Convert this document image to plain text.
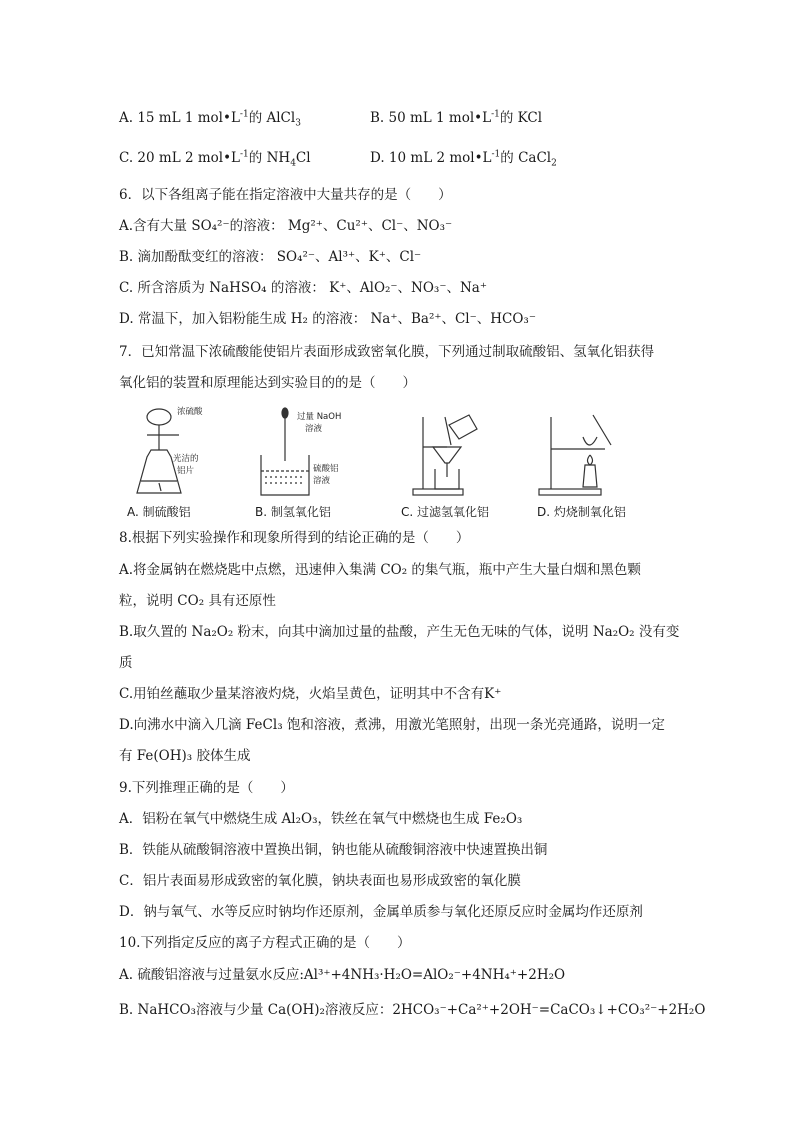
A. 15 mL 1 $mol•L^{-1}$的 AlCl$_3$	B. 50 mL 1 $mol•L^{-1}$的 KCl
C. 20 mL 2 $mol•L^{-1}$的 $NH_4Cl$	D. 10 mL 2 $mol•L^{-1}$的 CaCl$_2$
6．以下各组离子能在指定溶液中大量共存的是（　　）
A.含有大量 SO₄²⁻的溶液： Mg²⁺、Cu²⁺、Cl⁻、NO₃⁻
B. 滴加酚酞变红的溶液： SO₄²⁻、Al³⁺、K⁺、Cl⁻
C. 所含溶质为 NaHSO₄ 的溶液： K⁺、AlO₂⁻、NO₃⁻、Na⁺
D. 常温下，加入铝粉能生成 H₂ 的溶液： Na⁺、Ba²⁺、Cl⁻、HCO₃⁻
7．已知常温下浓硫酸能使铝片表面形成致密氧化膜，下列通过制取硫酸铝、氢氧化铝获得
氧化铝的装置和原理能达到实验目的的是（　　）
浓硫酸
光洁的
铝片
过量 NaOH
溶液
硫酸铝
溶液
A. 制硫酸铝	B. 制氢氧化铝	C. 过滤氢氧化铝	D. 灼烧制氧化铝
8.根据下列实验操作和现象所得到的结论正确的是（　　）
A.将金属钠在燃烧匙中点燃，迅速伸入集满 CO₂ 的集气瓶，瓶中产生大量白烟和黑色颗
粒，说明 CO₂ 具有还原性
B.取久置的 Na₂O₂ 粉末，向其中滴加过量的盐酸，产生无色无味的气体，说明 Na₂O₂ 没有变
质
C.用铂丝蘸取少量某溶液灼烧，火焰呈黄色，证明其中不含有K⁺
D.向沸水中滴入几滴 FeCl₃ 饱和溶液，煮沸，用激光笔照射，出现一条光亮通路，说明一定
有 Fe(OH)₃ 胶体生成
9.下列推理正确的是（　　）
A．铝粉在氧气中燃烧生成 Al₂O₃，铁丝在氧气中燃烧也生成 Fe₂O₃
B．铁能从硫酸铜溶液中置换出铜，钠也能从硫酸铜溶液中快速置换出铜
C．铝片表面易形成致密的氧化膜，钠块表面也易形成致密的氧化膜
D．钠与氧气、水等反应时钠均作还原剂，金属单质参与氧化还原反应时金属均作还原剂
10.下列指定反应的离子方程式正确的是（　　）
A. 硫酸铝溶液与过量氨水反应:Al³⁺+4NH₃·H₂O=AlO₂⁻+4NH₄⁺+2H₂O
B. NaHCO₃溶液与少量 Ca(OH)₂溶液反应：2HCO₃⁻+Ca²⁺+2OH⁻=CaCO₃↓+CO₃²⁻+2H₂O
